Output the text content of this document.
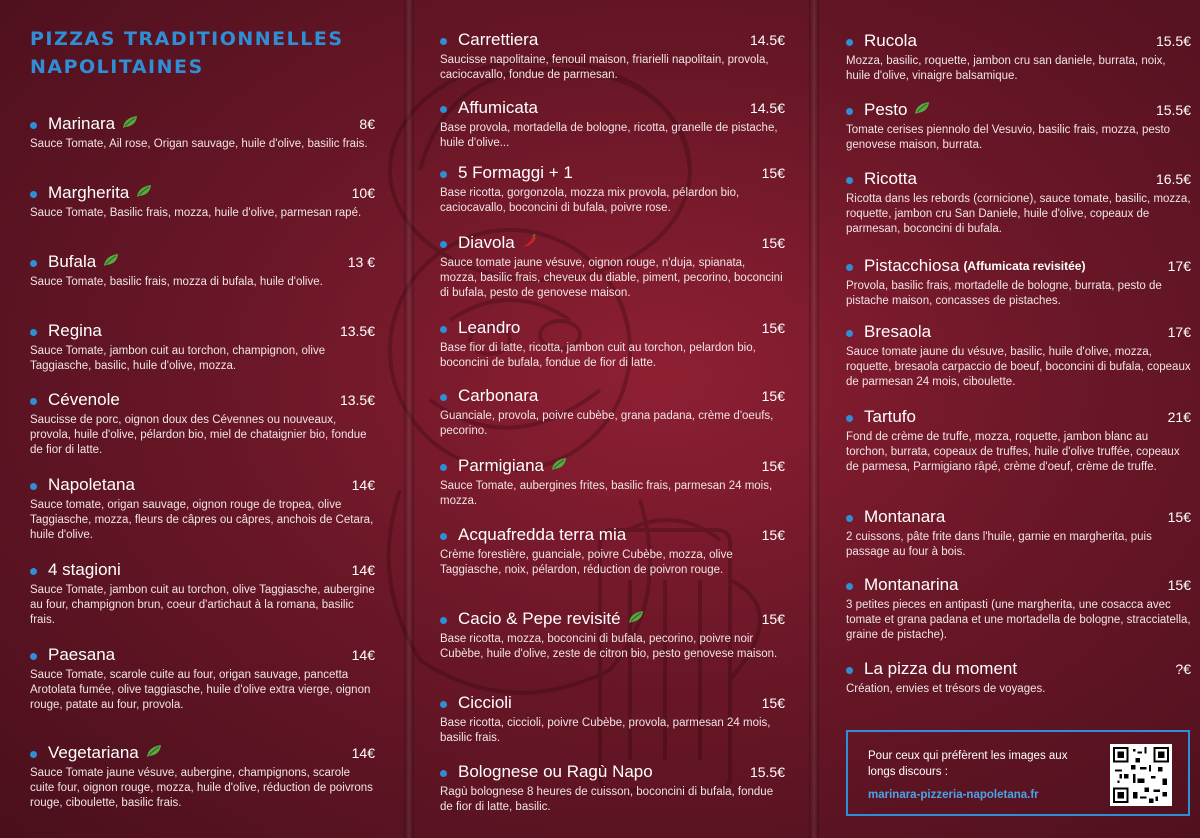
PIZZAS TRADITIONNELLES
NAPOLITAINES
Marinara	8€
Sauce Tomate, Ail rose, Origan sauvage, huile d'olive, basilic frais.
Margherita	10€
Sauce Tomate, Basilic frais, mozza, huile d'olive, parmesan rapé.
Bufala	13 €
Sauce Tomate, basilic frais, mozza di bufala, huile d'olive.
Regina	13.5€
Sauce Tomate, jambon cuit au torchon, champignon, olive Taggiasche, basilic, huile d'olive, mozza.
Cévenole	13.5€
Saucisse de porc, oignon doux des Cévennes ou nouveaux, provola, huile d'olive, pélardon bio, miel de chataignier bio, fondue de fior di latte.
Napoletana	14€
Sauce tomate, origan sauvage, oignon rouge de tropea, olive Taggiasche, mozza, fleurs de câpres ou câpres, anchois de Cetara, huile d'olive.
4 stagioni	14€
Sauce Tomate, jambon cuit au torchon, olive Taggiasche, aubergine au four, champignon brun, coeur d'artichaut à la romana, basilic frais.
Paesana	14€
Sauce Tomate, scarole cuite au four, origan sauvage, pancetta Arotolata fumée, olive taggiasche, huile d'olive extra vierge, oignon rouge, patate au four, provola.
Vegetariana	14€
Sauce Tomate jaune vésuve, aubergine, champignons, scarole cuite four, oignon rouge, mozza, huile d'olive, réduction de poivrons rouge, ciboulette, basilic frais.
Carrettiera	14.5€
Saucisse napolitaine, fenouil maison, friarielli napolitain, provola, caciocavallo, fondue de parmesan.
Affumicata	14.5€
Base provola, mortadella de bologne, ricotta, granelle de pistache, huile d'olive...
5 Formaggi + 1	15€
Base ricotta, gorgonzola, mozza mix provola, pélardon bio, caciocavallo, boconcini di bufala, poivre rose.
Diavola	15€
Sauce tomate jaune vésuve, oignon rouge, n'duja, spianata, mozza, basilic frais, cheveux du diable, piment, pecorino, boconcini di bufala, pesto de genovese maison.
Leandro	15€
Base fior di latte, ricotta, jambon cuit au torchon, pelardon bio, boconcini de bufala, fondue de fior di latte.
Carbonara	15€
Guanciale, provola, poivre cubèbe, grana padana, crème d'oeufs, pecorino.
Parmigiana	15€
Sauce Tomate, aubergines frites, basilic frais, parmesan 24 mois, mozza.
Acquafredda terra mia	15€
Crème forestière, guanciale, poivre Cubèbe, mozza, olive Taggiasche, noix, pélardon, réduction de poivron rouge.
Cacio & Pepe revisité	15€
Base ricotta, mozza, boconcini di bufala, pecorino, poivre noir Cubèbe, huile d'olive, zeste de citron bio, pesto genovese maison.
Ciccioli	15€
Base ricotta, ciccioli, poivre Cubèbe, provola, parmesan 24 mois, basilic frais.
Bolognese ou Ragù Napo	15.5€
Ragù bolognese 8 heures de cuisson, boconcini di bufala, fondue de fior di latte, basilic.
Rucola	15.5€
Mozza, basilic, roquette, jambon cru san daniele, burrata, noix, huile d'olive, vinaigre balsamique.
Pesto	15.5€
Tomate cerises piennolo del Vesuvio, basilic frais, mozza, pesto genovese maison, burrata.
Ricotta	16.5€
Ricotta dans les rebords (cornicione), sauce tomate, basilic, mozza, roquette, jambon cru San Daniele, huile d'olive, copeaux de parmesan, boconcini di bufala.
Pistacchiosa (Affumicata revisitée)	17€
Provola, basilic frais, mortadelle de bologne, burrata, pesto de pistache maison, concasses de pistaches.
Bresaola	17€
Sauce tomate jaune du vésuve, basilic, huile d'olive, mozza, roquette, bresaola carpaccio de boeuf, boconcini di bufala, copeaux de parmesan 24 mois, ciboulette.
Tartufo	21€
Fond de crème de truffe, mozza, roquette, jambon blanc au torchon, burrata, copeaux de truffes, huile d'olive truffée, copeaux de parmesa, Parmigiano râpé, crème d'oeuf, crème de truffe.
Montanara	15€
2 cuissons, pâte frite dans l'huile, garnie en margherita, puis passage au four à bois.
Montanarina	15€
3 petites pieces en antipasti (une margherita, une cosacca avec tomate et grana padana et une mortadella de bologne, stracciatella, graine de pistache).
La pizza du moment	?€
Création, envies et trésors de voyages.
Pour ceux qui préfèrent les images aux longs discours :
marinara-pizzeria-napoletana.fr
